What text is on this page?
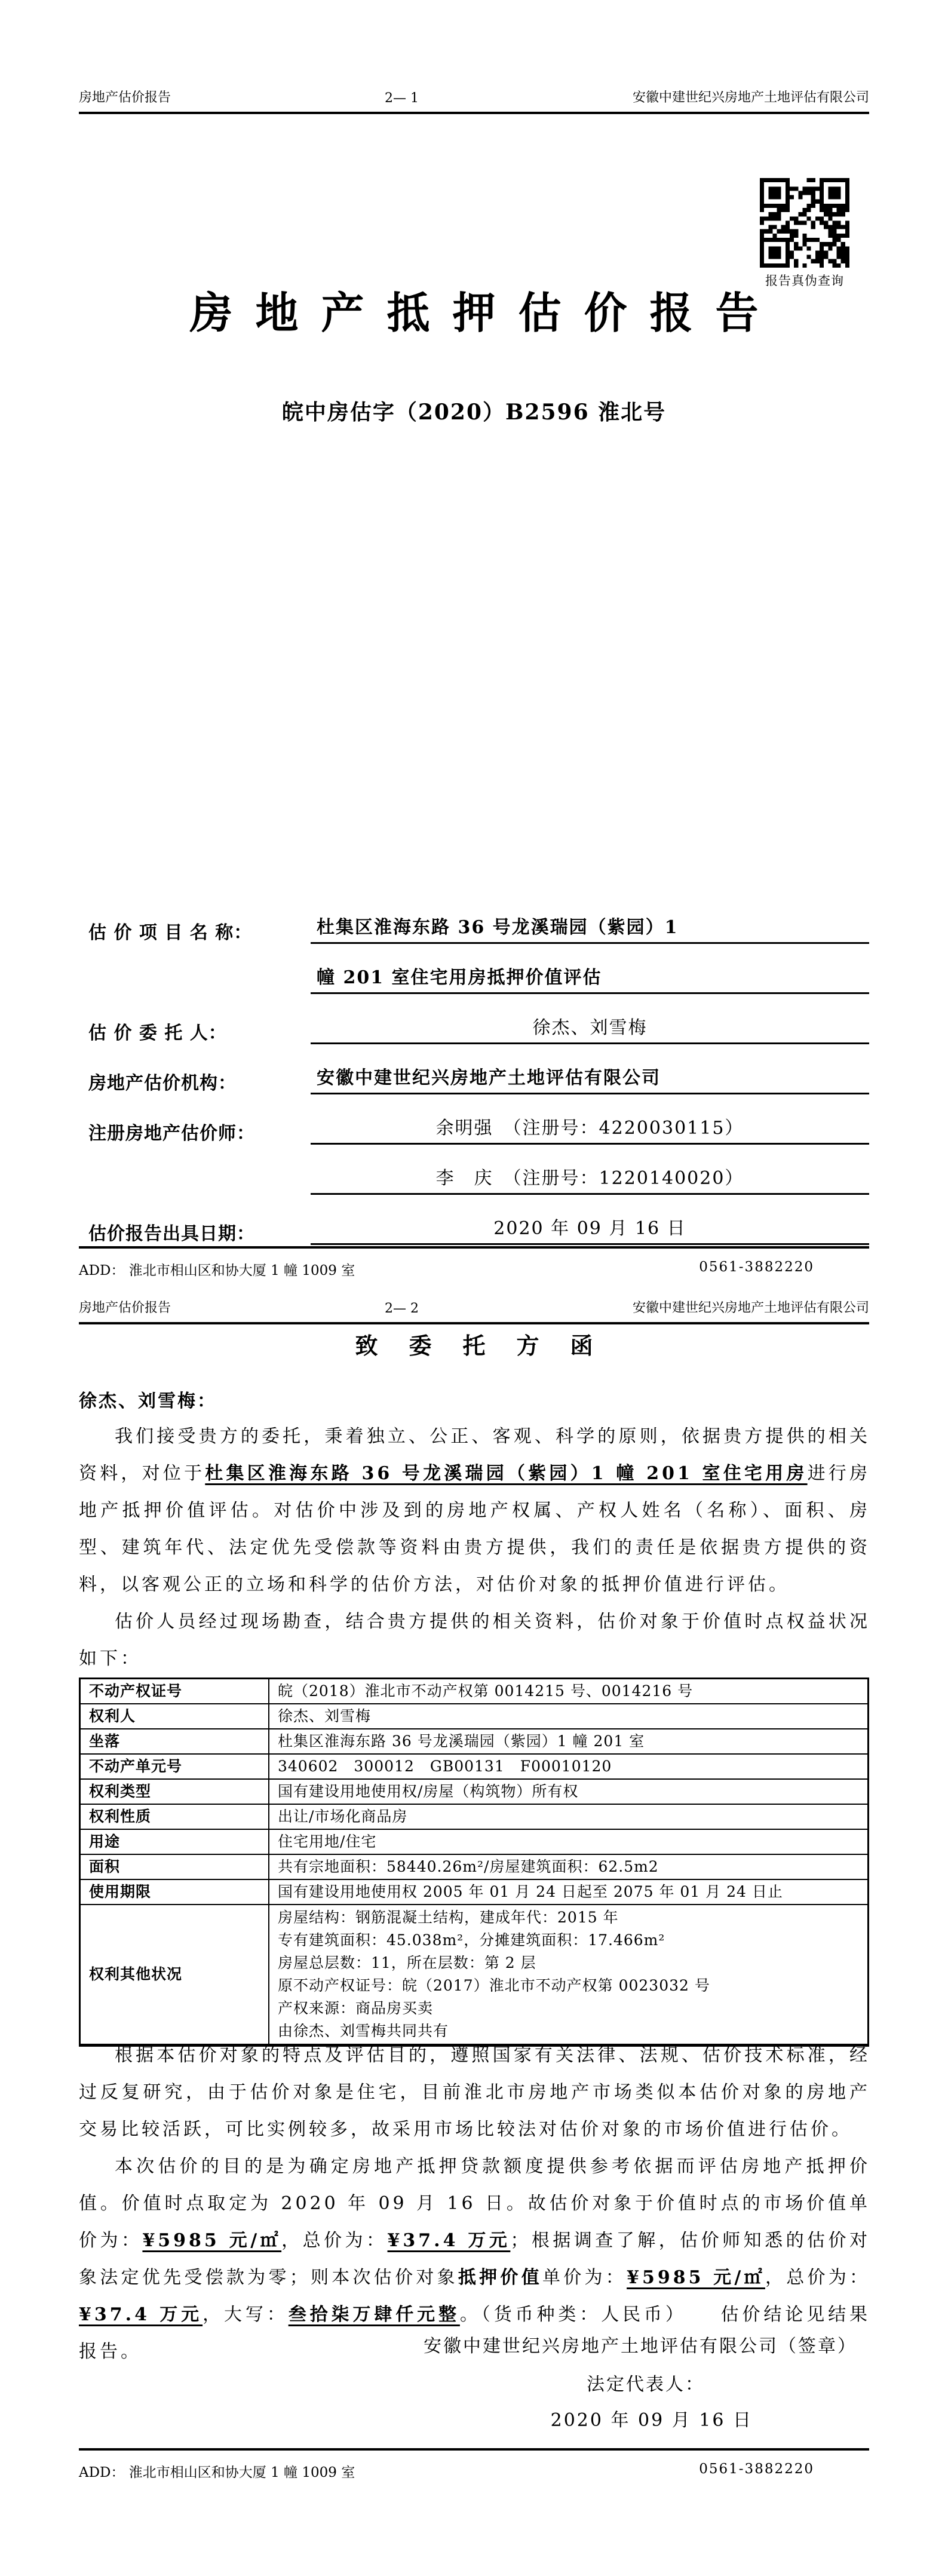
房地产估价报告	2— 1	安徽中建世纪兴房地产土地评估有限公司
报告真伪查询
房地产抵押估价报告
皖中房估字（2020）B2596 淮北号
估 价 项 目 名 称：	杜集区淮海东路 36 号龙溪瑞园（紫园）1
幢 201 室住宅用房抵押价值评估
估 价 委 托 人：	徐杰、刘雪梅
房地产估价机构：	安徽中建世纪兴房地产土地评估有限公司
注册房地产估价师：	余明强　（注册号：4220030115）
李　庆　（注册号：1220140020）
估价报告出具日期：	2020 年 09 月 16 日
ADD： 淮北市相山区和协大厦 1 幢 1009 室	0561-3882220
房地产估价报告	2— 2	安徽中建世纪兴房地产土地评估有限公司
致委托方函
徐杰、刘雪梅：
我们接受贵方的委托，秉着独立、公正、客观、科学的原则，依据贵方提供的相关资料，对位于杜集区淮海东路 36 号龙溪瑞园（紫园）1 幢 201 室住宅用房进行房地产抵押价值评估。对估价中涉及到的房地产权属、产权人姓名（名称）、面积、房型、建筑年代、法定优先受偿款等资料由贵方提供，我们的责任是依据贵方提供的资料，以客观公正的立场和科学的估价方法，对估价对象的抵押价值进行评估。
估价人员经过现场勘查，结合贵方提供的相关资料，估价对象于价值时点权益状况如下：
不动产权证号	皖（2018）淮北市不动产权第 0014215 号、0014216 号
权利人	徐杰、刘雪梅
坐落	杜集区淮海东路 36 号龙溪瑞园（紫园）1 幢 201 室
不动产单元号	340602　300012　GB00131　F00010120
权利类型	国有建设用地使用权/房屋（构筑物）所有权
权利性质	出让/市场化商品房
用途	住宅用地/住宅
面积	共有宗地面积：58440.26m²/房屋建筑面积：62.5m2
使用期限	国有建设用地使用权 2005 年 01 月 24 日起至 2075 年 01 月 24 日止
权利其他状况	
房屋结构：钢筋混凝土结构，建成年代：2015 年
专有建筑面积：45.038m²，分摊建筑面积：17.466m²
房屋总层数：11，所在层数：第 2 层
原不动产权证号：皖（2017）淮北市不动产权第 0023032 号
产权来源：商品房买卖
由徐杰、刘雪梅共同共有
根据本估价对象的特点及评估目的，遵照国家有关法律、法规、估价技术标准，经过反复研究，由于估价对象是住宅，目前淮北市房地产市场类似本估价对象的房地产交易比较活跃，可比实例较多，故采用市场比较法对估价对象的市场价值进行估价。
本次估价的目的是为确定房地产抵押贷款额度提供参考依据而评估房地产抵押价值。价值时点取定为 2020 年 09 月 16 日。故估价对象于价值时点的市场价值单价为：¥5985 元/㎡，总价为：¥37.4 万元；根据调查了解，估价师知悉的估价对象法定优先受偿款为零；则本次估价对象抵押价值单价为：¥5985 元/㎡，总价为：¥37.4 万元，大写：叁拾柒万肆仟元整。（货币种类：人民币）　　估价结论见结果报告。	安徽中建世纪兴房地产土地评估有限公司（签章）
法定代表人：
2020 年 09 月 16 日
ADD： 淮北市相山区和协大厦 1 幢 1009 室	0561-3882220
